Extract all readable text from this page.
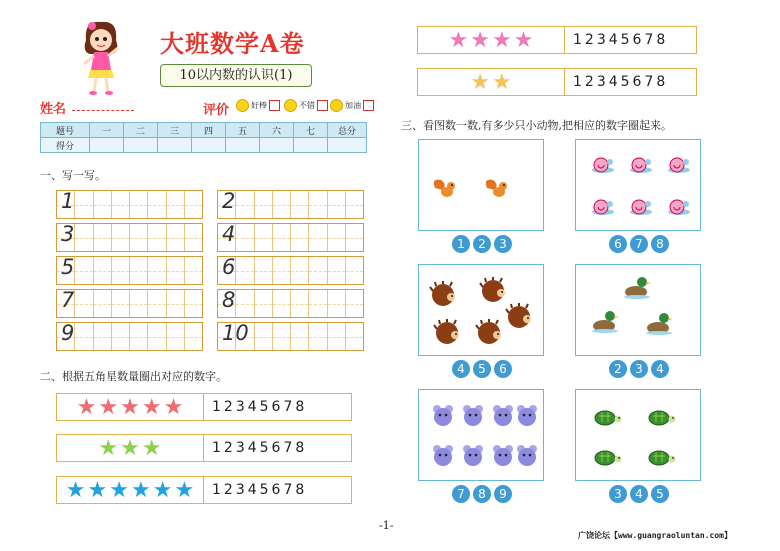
大班数学A卷
10以内数的认识(1)
姓名	评价	好棒	不错	加油
题号	一	二	三	四	五	六	七	总分
得分								
一、写一写。
1	2
3	4
5	6
7	8
9	10
二、根据五角星数量圈出对应的数字。
★ ★ ★ ★ ★	12345678
★ ★ ★	12345678
★ ★ ★ ★ ★ ★	12345678
★ ★ ★ ★	12345678
★ ★	12345678
三、看图数一数,有多少只小动物,把相应的数字圈起来。
1	2	3	6	7	8
4	5	6	2	3	4
7	8	9	3	4	5
-1-
广饶论坛【www.guangraoluntan.com】
